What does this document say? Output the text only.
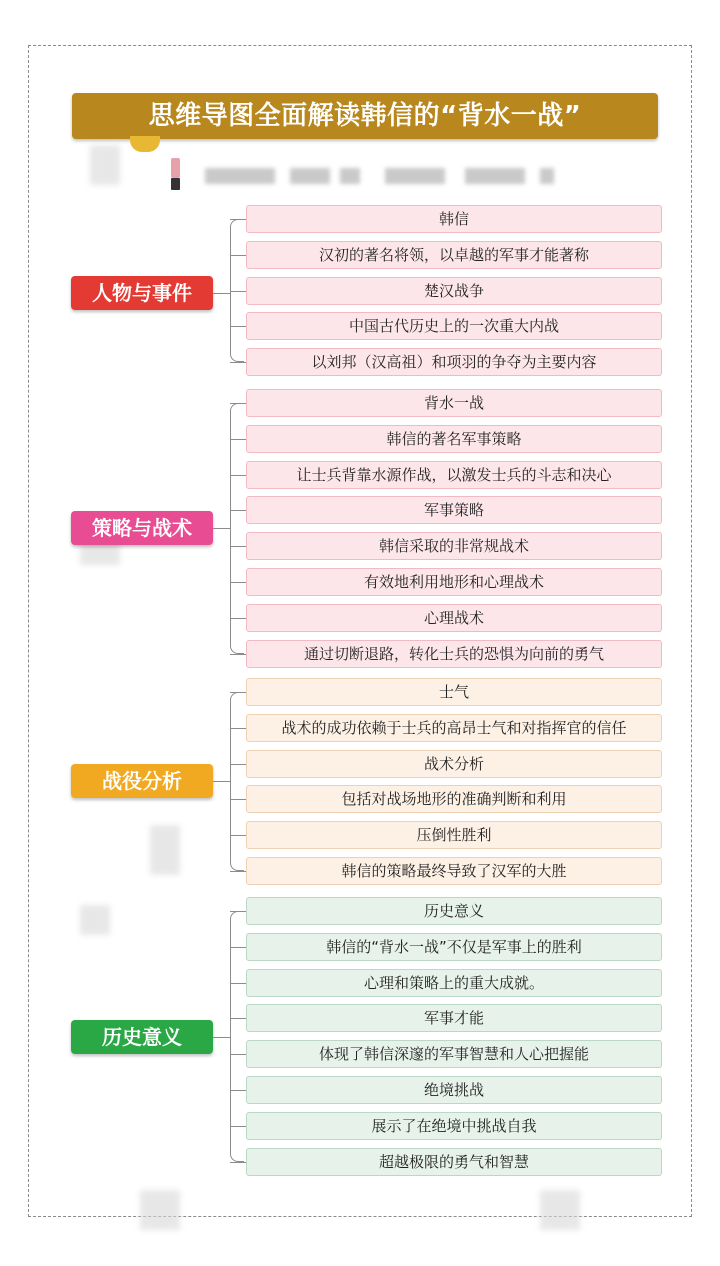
思维导图全面解读韩信的“背水一战”
韩信
汉初的著名将领，以卓越的军事才能著称
楚汉战争
中国古代历史上的一次重大内战
以刘邦（汉高祖）和项羽的争夺为主要内容
人物与事件
背水一战
韩信的著名军事策略
让士兵背靠水源作战，以激发士兵的斗志和决心
军事策略
韩信采取的非常规战术
有效地利用地形和心理战术
心理战术
通过切断退路，转化士兵的恐惧为向前的勇气
策略与战术
士气
战术的成功依赖于士兵的高昂士气和对指挥官的信任
战术分析
包括对战场地形的准确判断和利用
压倒性胜利
韩信的策略最终导致了汉军的大胜
战役分析
历史意义
韩信的“背水一战”不仅是军事上的胜利
心理和策略上的重大成就。
军事才能
体现了韩信深邃的军事智慧和人心把握能
绝境挑战
展示了在绝境中挑战自我
超越极限的勇气和智慧
历史意义
